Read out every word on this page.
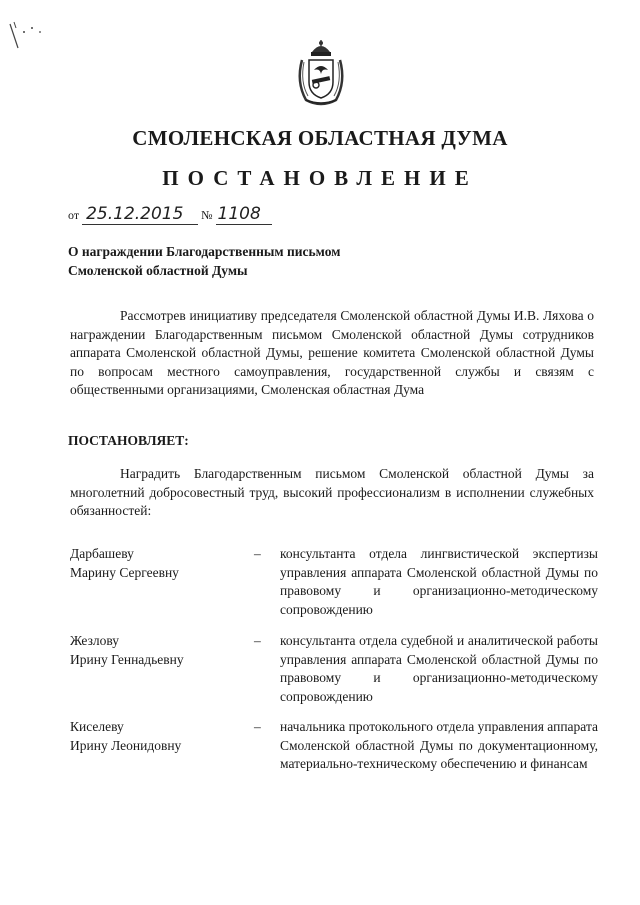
СМОЛЕНСКАЯ ОБЛАСТНАЯ ДУМА
ПОСТАНОВЛЕНИЕ
от 25.12.2015 № 1108
О награждении Благодарственным письмом
Смоленской областной Думы
Рассмотрев инициативу председателя Смоленской областной Думы И.В. Ляхова о награждении Благодарственным письмом Смоленской областной Думы сотрудников аппарата Смоленской областной Думы, решение комитета Смоленской областной Думы по вопросам местного самоуправления, государственной службы и связям с общественными организациями, Смоленская областная Дума
ПОСТАНОВЛЯЕТ:
Наградить Благодарственным письмом Смоленской областной Думы за многолетний добросовестный труд, высокий профессионализм в исполнении служебных обязанностей:
Дарбашеву
Марину Сергеевну
– консультанта отдела лингвистической экспертизы управления аппарата Смоленской областной Думы по правовому и организационно-методическому сопровождению
Жезлову
Ирину Геннадьевну
– консультанта отдела судебной и аналитической работы управления аппарата Смоленской областной Думы по правовому и организационно-методическому сопровождению
Киселеву
Ирину Леонидовну
– начальника протокольного отдела управления аппарата Смоленской областной Думы по документационному, материально-техническому обеспечению и финансам
